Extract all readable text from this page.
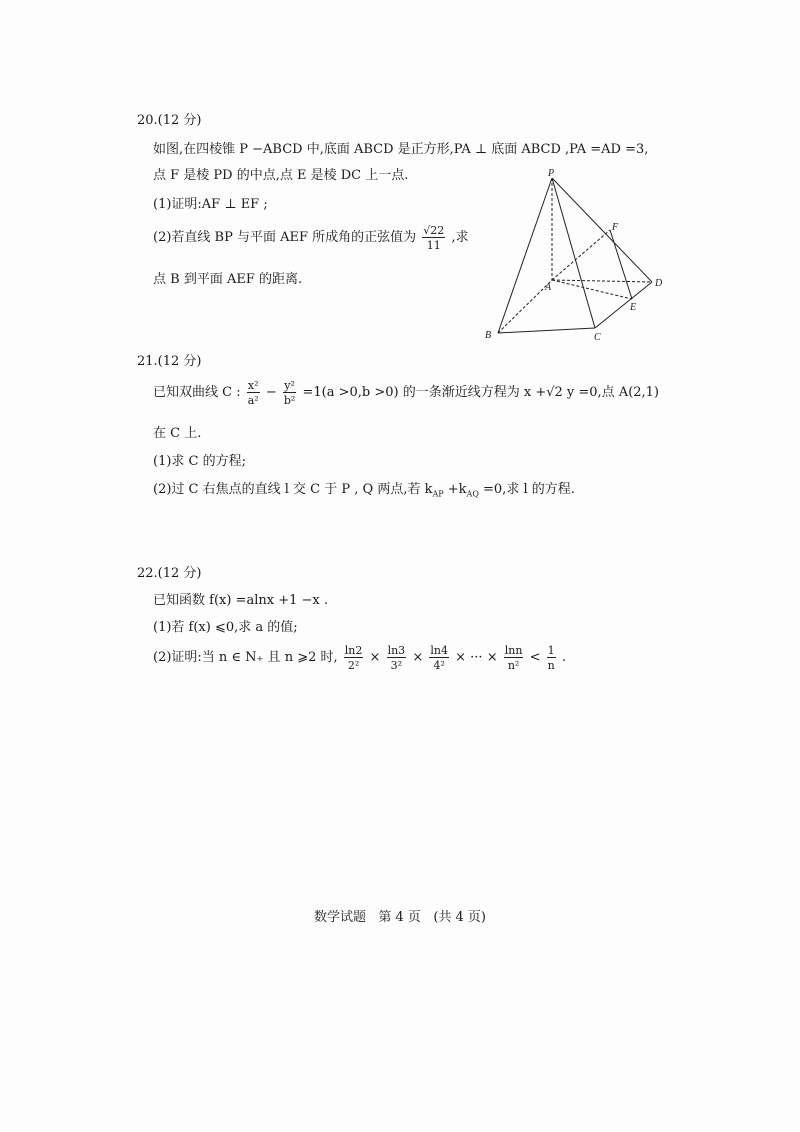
20.(12 分)
如图,在四棱锥 P −ABCD 中,底面 ABCD 是正方形,PA ⊥ 底面 ABCD ,PA =AD =3,
点 F 是棱 PD 的中点,点 E 是棱 DC 上一点.
(1)证明:AF ⊥ EF ;
(2)若直线 BP 与平面 AEF 所成角的正弦值为 $\frac{√22}{11}$ ,求
点 B 到平面 AEF 的距离.
P
F
A	D
E
B	C
21.(12 分)
已知双曲线 C : $\frac{\text{x²}}{\text{a²}} - \frac{\text{y²}}{\text{b²}} =1(a >0,b >0)$ 的一条渐近线方程为 x +√2 y =0,点 A(2,1)
在 C 上.
(1)求 C 的方程;
(2)过 C 右焦点的直线 l 交 C 于 P , Q 两点,若 $k_{AP} +k_{AQ} =0$,求 l 的方程.
22.(12 分)
已知函数 f(x) =alnx +1 −x .
(1)若 f(x) ⩽0,求 a 的值;
(2)证明:当 n ∈ N₊ 且 n ⩾2 时, $\frac{\ln 2}{\text{2²}} \times \frac{\ln 3}{\text{3²}} \times \frac{\ln 4}{\text{4²}}$ × ··· × $\frac{\ln n}{\text{n²}} < \frac{1}{n}$ .
数学试题   第 4 页   (共 4 页)
